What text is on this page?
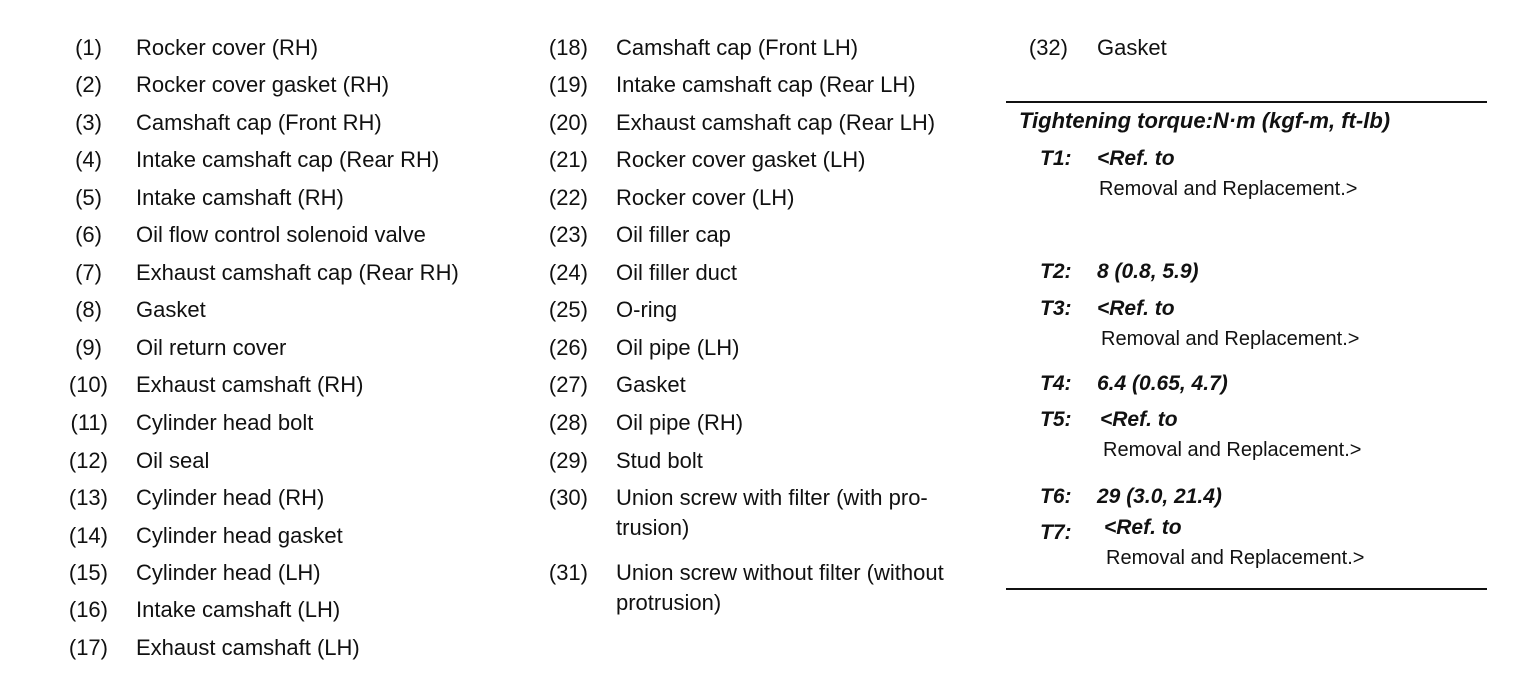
(1) Rocker cover (RH)
(2) Rocker cover gasket (RH)
(3) Camshaft cap (Front RH)
(4) Intake camshaft cap (Rear RH)
(5) Intake camshaft (RH)
(6) Oil flow control solenoid valve
(7) Exhaust camshaft cap (Rear RH)
(8) Gasket
(9) Oil return cover
(10) Exhaust camshaft (RH)
(11) Cylinder head bolt
(12) Oil seal
(13) Cylinder head (RH)
(14) Cylinder head gasket
(15) Cylinder head (LH)
(16) Intake camshaft (LH)
(17) Exhaust camshaft (LH)
(18) Camshaft cap (Front LH)
(19) Intake camshaft cap (Rear LH)
(20) Exhaust camshaft cap (Rear LH)
(21) Rocker cover gasket (LH)
(22) Rocker cover (LH)
(23) Oil filler cap
(24) Oil filler duct
(25) O-ring
(26) Oil pipe (LH)
(27) Gasket
(28) Oil pipe (RH)
(29) Stud bolt
(30) Union screw with filter (with pro-trusion)
(31) Union screw without filter (without protrusion)
(32) Gasket
Tightening torque:N·m (kgf-m, ft-lb)
T1: <Ref. to
Removal and Replacement.>
T2: 8 (0.8, 5.9)
T3: <Ref. to
Removal and Replacement.>
T4: 6.4 (0.65, 4.7)
T5: <Ref. to
Removal and Replacement.>
T6: 29 (3.0, 21.4)
T7: <Ref. to
Removal and Replacement.>
